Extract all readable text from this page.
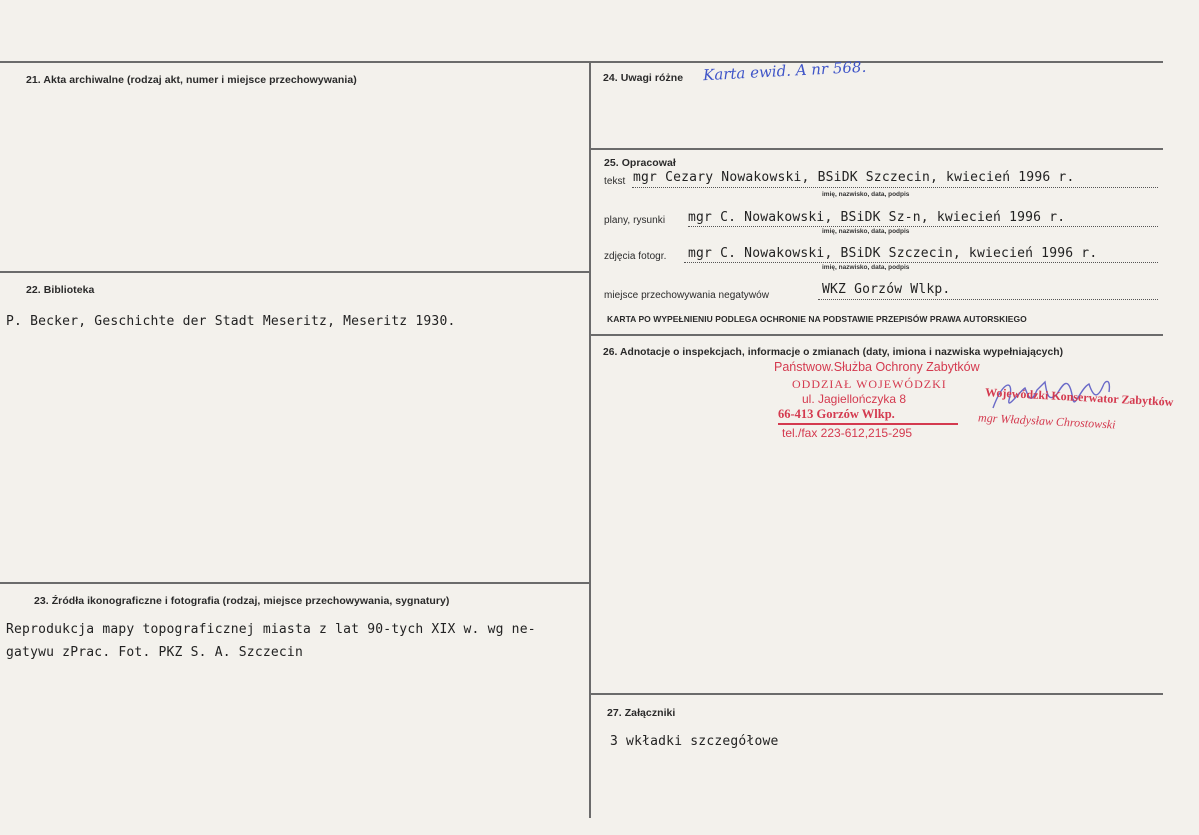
21. Akta archiwalne (rodzaj akt, numer i miejsce przechowywania)
22. Biblioteka
P. Becker, Geschichte der Stadt Meseritz, Meseritz 1930.
23. Źródła ikonograficzne i fotografia (rodzaj, miejsce przechowywania, sygnatury)
Reprodukcja mapy topograficznej miasta z lat 90-tych XIX w. wg ne-
gatywu zPrac. Fot. PKZ S. A. Szczecin
24. Uwagi różne Karta ewid. A nr 568.
25. Opracował
tekst mgr Cezary Nowakowski, BSiDK Szczecin, kwiecień 1996 r.
imię, nazwisko, data, podpis
plany, rysunki mgr C. Nowakowski, BSiDK Sz-n, kwiecień 1996 r.
imię, nazwisko, data, podpis
zdjęcia fotogr. mgr C. Nowakowski, BSiDK Szczecin, kwiecień 1996 r.
imię, nazwisko, data, podpis
miejsce przechowywania negatywów	WKZ Gorzów Wlkp.
KARTA PO WYPEŁNIENIU PODLEGA OCHRONIE NA PODSTAWIE PRZEPISÓW PRAWA AUTORSKIEGO
26. Adnotacje o inspekcjach, informacje o zmianach (daty, imiona i nazwiska wypełniających)
Państwow.Służba Ochrony Zabytków
ODDZIAŁ WOJEWÓDZKI
ul. Jagiellończyka 8
66-413 Gorzów Wlkp.
tel./fax 223-612,215-295
Wojewódzki Konserwator Zabytków
mgr Władysław Chrostowski
27. Załączniki
3 wkładki szczegółowe
